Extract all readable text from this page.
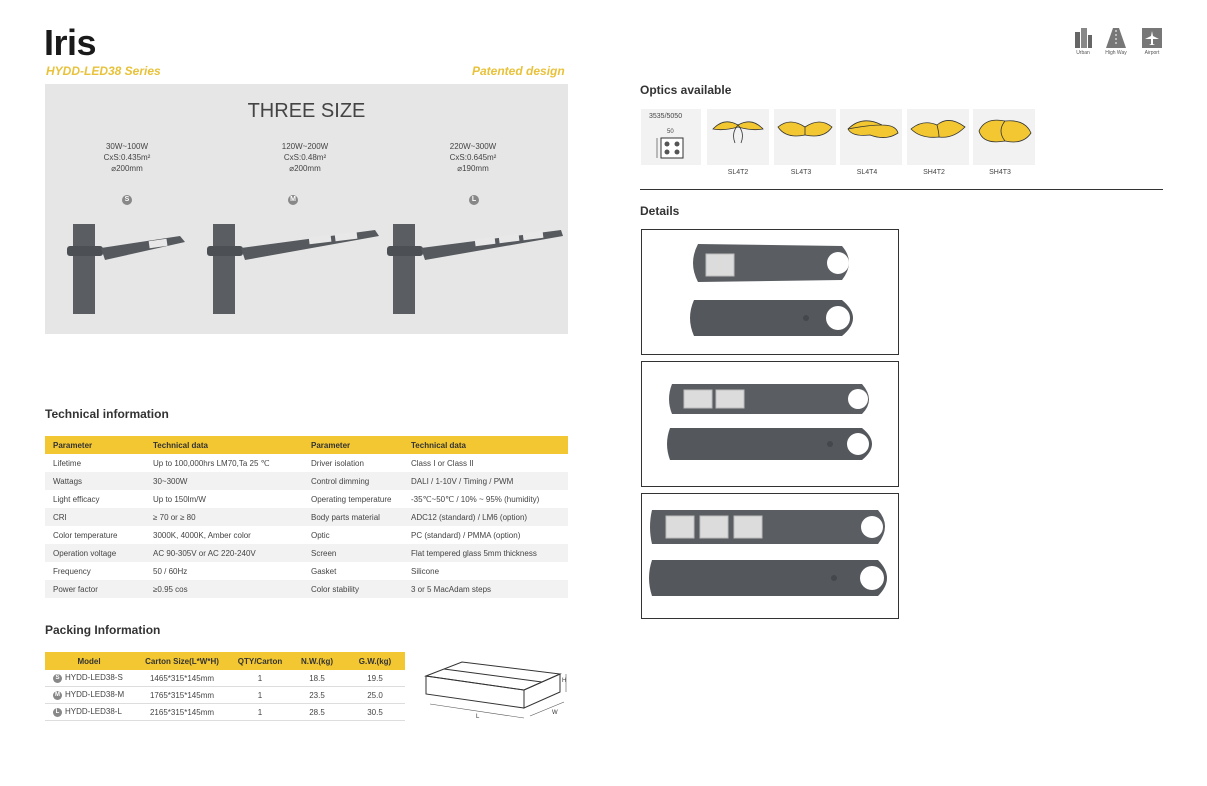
Iris
HYDD-LED38 Series	Patented design
Urban	High Way	Airport
THREE SIZE
30W~100W
CxS:0.435m²
⌀200mm
120W~200W
CxS:0.48m²
⌀200mm
220W~300W
CxS:0.645m²
⌀190mm
S	M	L
Technical information
Parameter	Technical data	Parameter	Technical data
Lifetime	Up to 100,000hrs LM70,Ta 25 ℃	Driver isolation	Class I or Class II
Wattags	30~300W	Control dimming	DALI / 1-10V / Timing / PWM
Light efficacy	Up to 150lm/W	Operating temperature	-35℃~50℃ / 10% ~ 95% (humidity)
CRI	≥ 70 or ≥ 80	Body parts material	ADC12 (standard) / LM6 (option)
Color temperature	3000K, 4000K, Amber color	Optic	PC (standard) / PMMA (option)
Operation voltage	AC 90-305V or AC 220-240V	Screen	Flat tempered glass 5mm thickness
Frequency	50 / 60Hz	Gasket	Silicone
Power factor	≥0.95 cos	Color stability	3 or 5 MacAdam steps
Packing Information
Model	Carton Size(L*W*H)	QTY/Carton	N.W.(kg)	G.W.(kg)
S HYDD-LED38-S	1465*315*145mm	1	18.5	19.5
M HYDD-LED38-M	1765*315*145mm	1	23.5	25.0
L HYDD-LED38-L	2165*315*145mm	1	28.5	30.5
H
L
W
Optics available
3535/5050
50
SL4T2	SL4T3	SL4T4	SH4T2	SH4T3
Details
